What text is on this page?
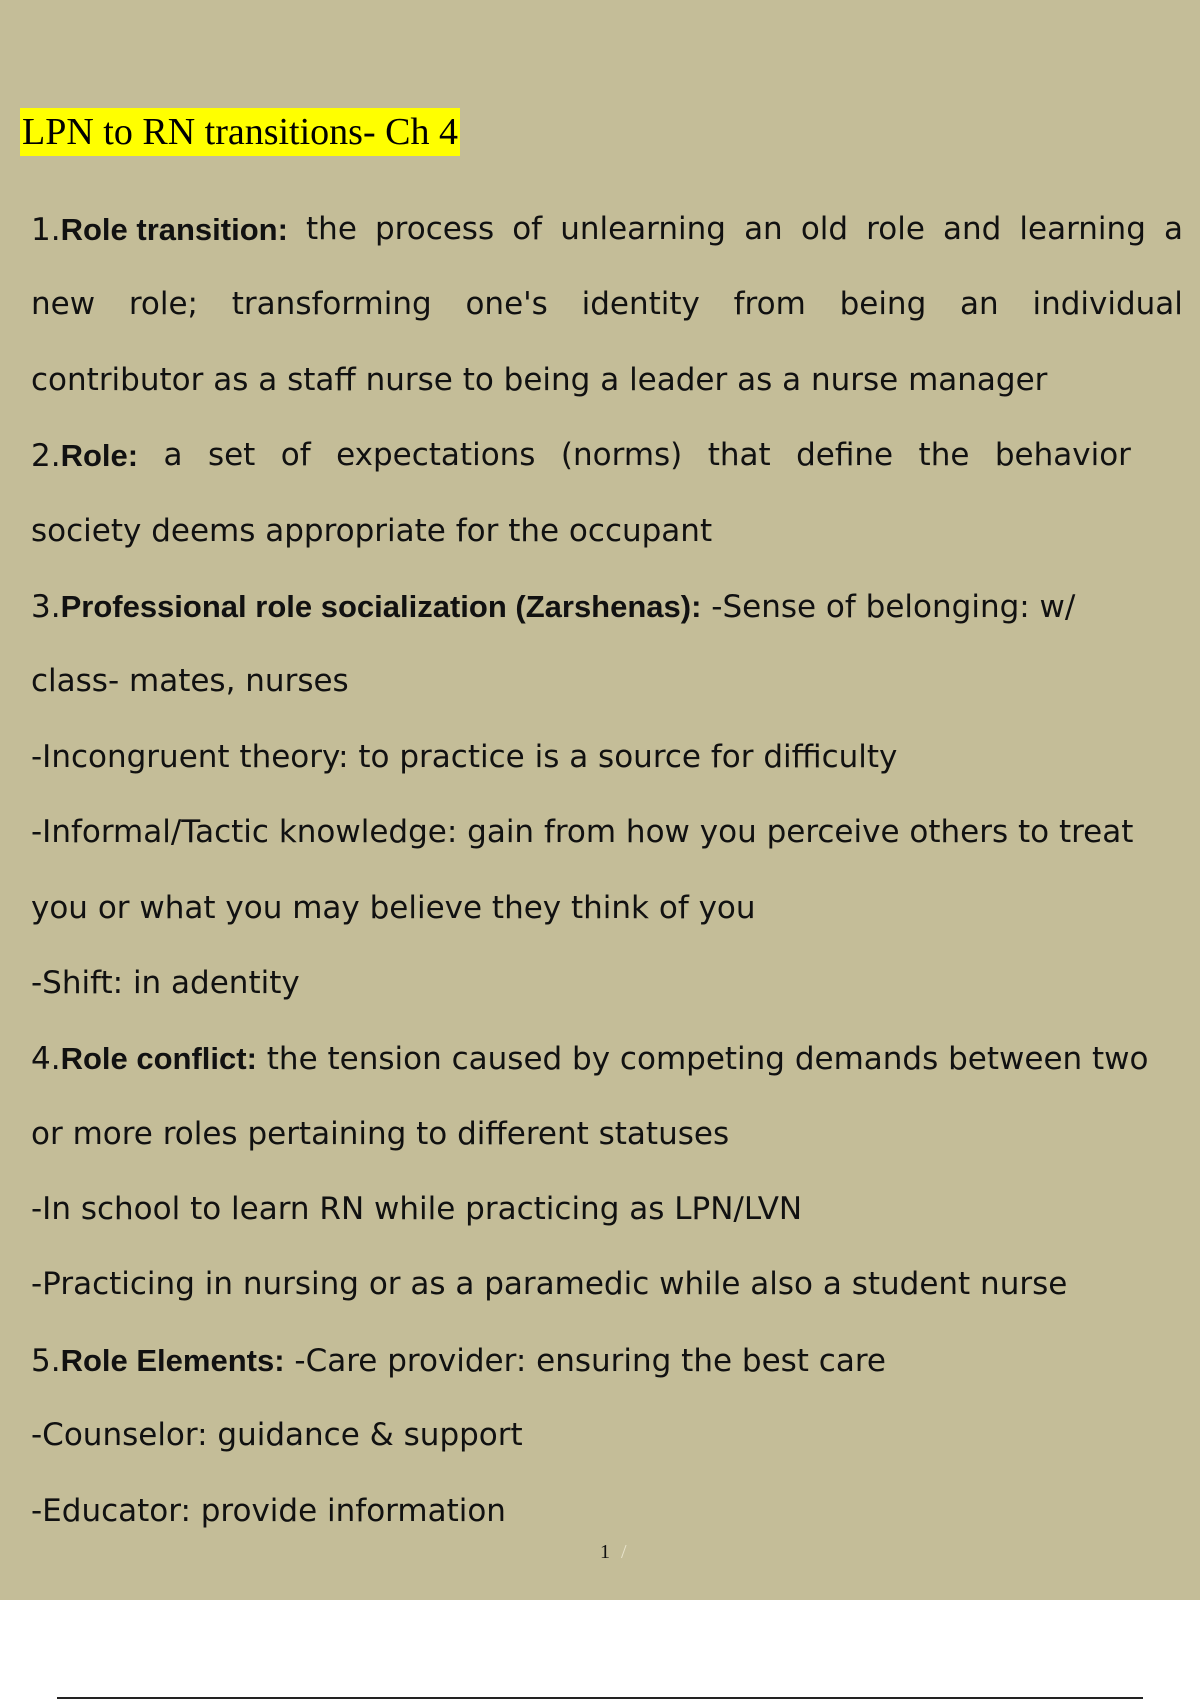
LPN to RN transitions- Ch 4
1.Role transition: the process of unlearning an old role and learning a
new role; transforming one's identity from being an individual
contributor as a staff nurse to being a leader as a nurse manager
2.Role: a set of expectations (norms) that define the behavior
society deems appropriate for the occupant
3.Professional role socialization (Zarshenas): -Sense of belonging: w/
class- mates, nurses
-Incongruent theory: to practice is a source for difficulty
-Informal/Tactic knowledge: gain from how you perceive others to treat
you or what you may believe they think of you
-Shift: in adentity
4.Role conflict: the tension caused by competing demands between two
or more roles pertaining to different statuses
-In school to learn RN while practicing as LPN/LVN
-Practicing in nursing or as a paramedic while also a student nurse
5.Role Elements: -Care provider: ensuring the best care
-Counselor: guidance & support
-Educator: provide information
1 /
